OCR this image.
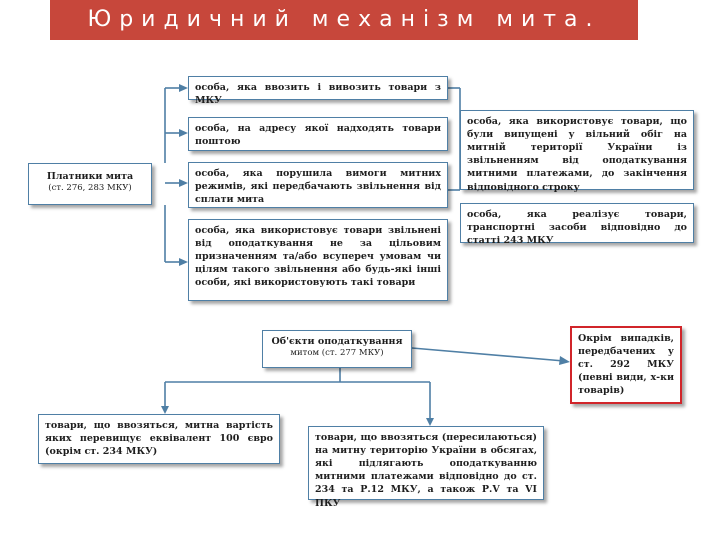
Юридичний механізм мита.
Платники мита
(ст. 276, 283 МКУ)
особа, яка ввозить і вивозить товари з МКУ
особа, на адресу якої надходять товари поштою
особа, яка порушила вимоги митних режимів, які передбачають звільнення від сплати мита
особа, яка використовує товари звільнені від оподаткування не за цільовим призначенням та/або всупереч умовам чи цілям такого звільнення або будь-які інші особи, які використовують такі товари
особа, яка використовує товари, що були випущені у вільний обіг на митній території України із звільненням від оподаткування митними платежами, до закінчення відповідного строку
особа, яка реалізує товари, транспортні засоби відповідно до статті 243 МКУ
Об'єкти оподаткування
митом (ст. 277 МКУ)
Окрім випадків, передбачених у ст. 292 МКУ (певні види, х-ки товарів)
товари, що ввозяться, митна вартість яких перевищує еквівалент 100 євро (окрім ст. 234 МКУ)
товари, що ввозяться (пересилаються) на митну територію України в обсягах, які підлягають оподаткуванню митними платежами відповідно до ст. 234 та Р.12 МКУ, а також Р.V та VI ПКУ
